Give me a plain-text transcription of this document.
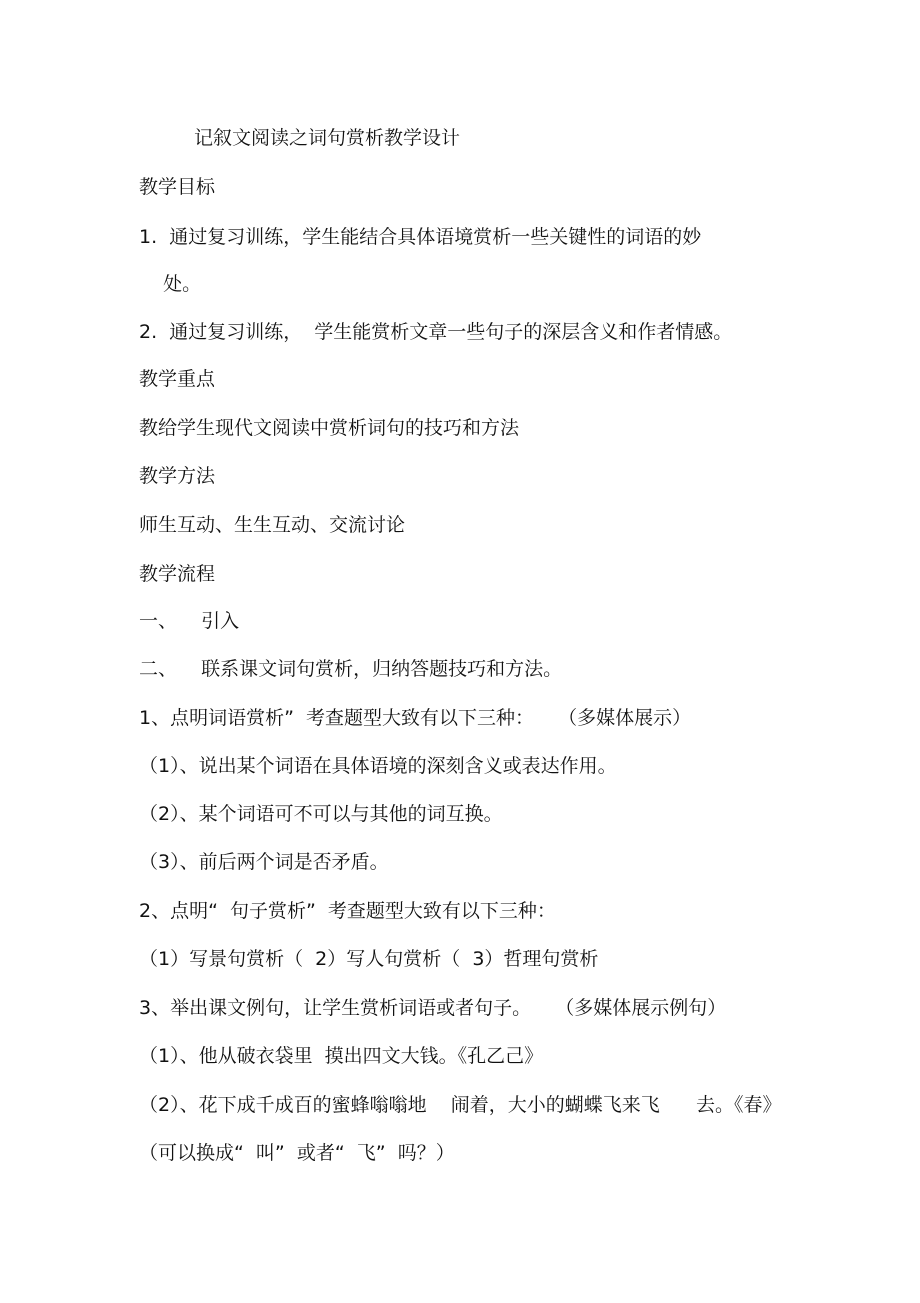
记叙文阅读之词句赏析教学设计
教学目标
1.  通过复习训练，学生能结合具体语境赏析一些关键性的词语的妙
处。
2.  通过复习训练，  学生能赏析文章一些句子的深层含义和作者情感。
教学重点
教给学生现代文阅读中赏析词句的技巧和方法
教学方法
师生互动、生生互动、交流讨论
教学流程
一、    引入
二、    联系课文词句赏析，归纳答题技巧和方法。
1、点明词语赏析”  考查题型大致有以下三种：    （多媒体展示）
（1）、说出某个词语在具体语境的深刻含义或表达作用。
（2）、某个词语可不可以与其他的词互换。
（3）、前后两个词是否矛盾。
2、点明“  句子赏析”  考查题型大致有以下三种：
（1）写景句赏析（  2）写人句赏析（  3）哲理句赏析
3、举出课文例句，让学生赏析词语或者句子。    （多媒体展示例句）
（1）、他从破衣袋里  摸出四文大钱。《孔乙己》
（2）、花下成千成百的蜜蜂嗡嗡地    闹着，大小的蝴蝶飞来飞      去。《春》
（可以换成“  叫”  或者“  飞”  吗？）
